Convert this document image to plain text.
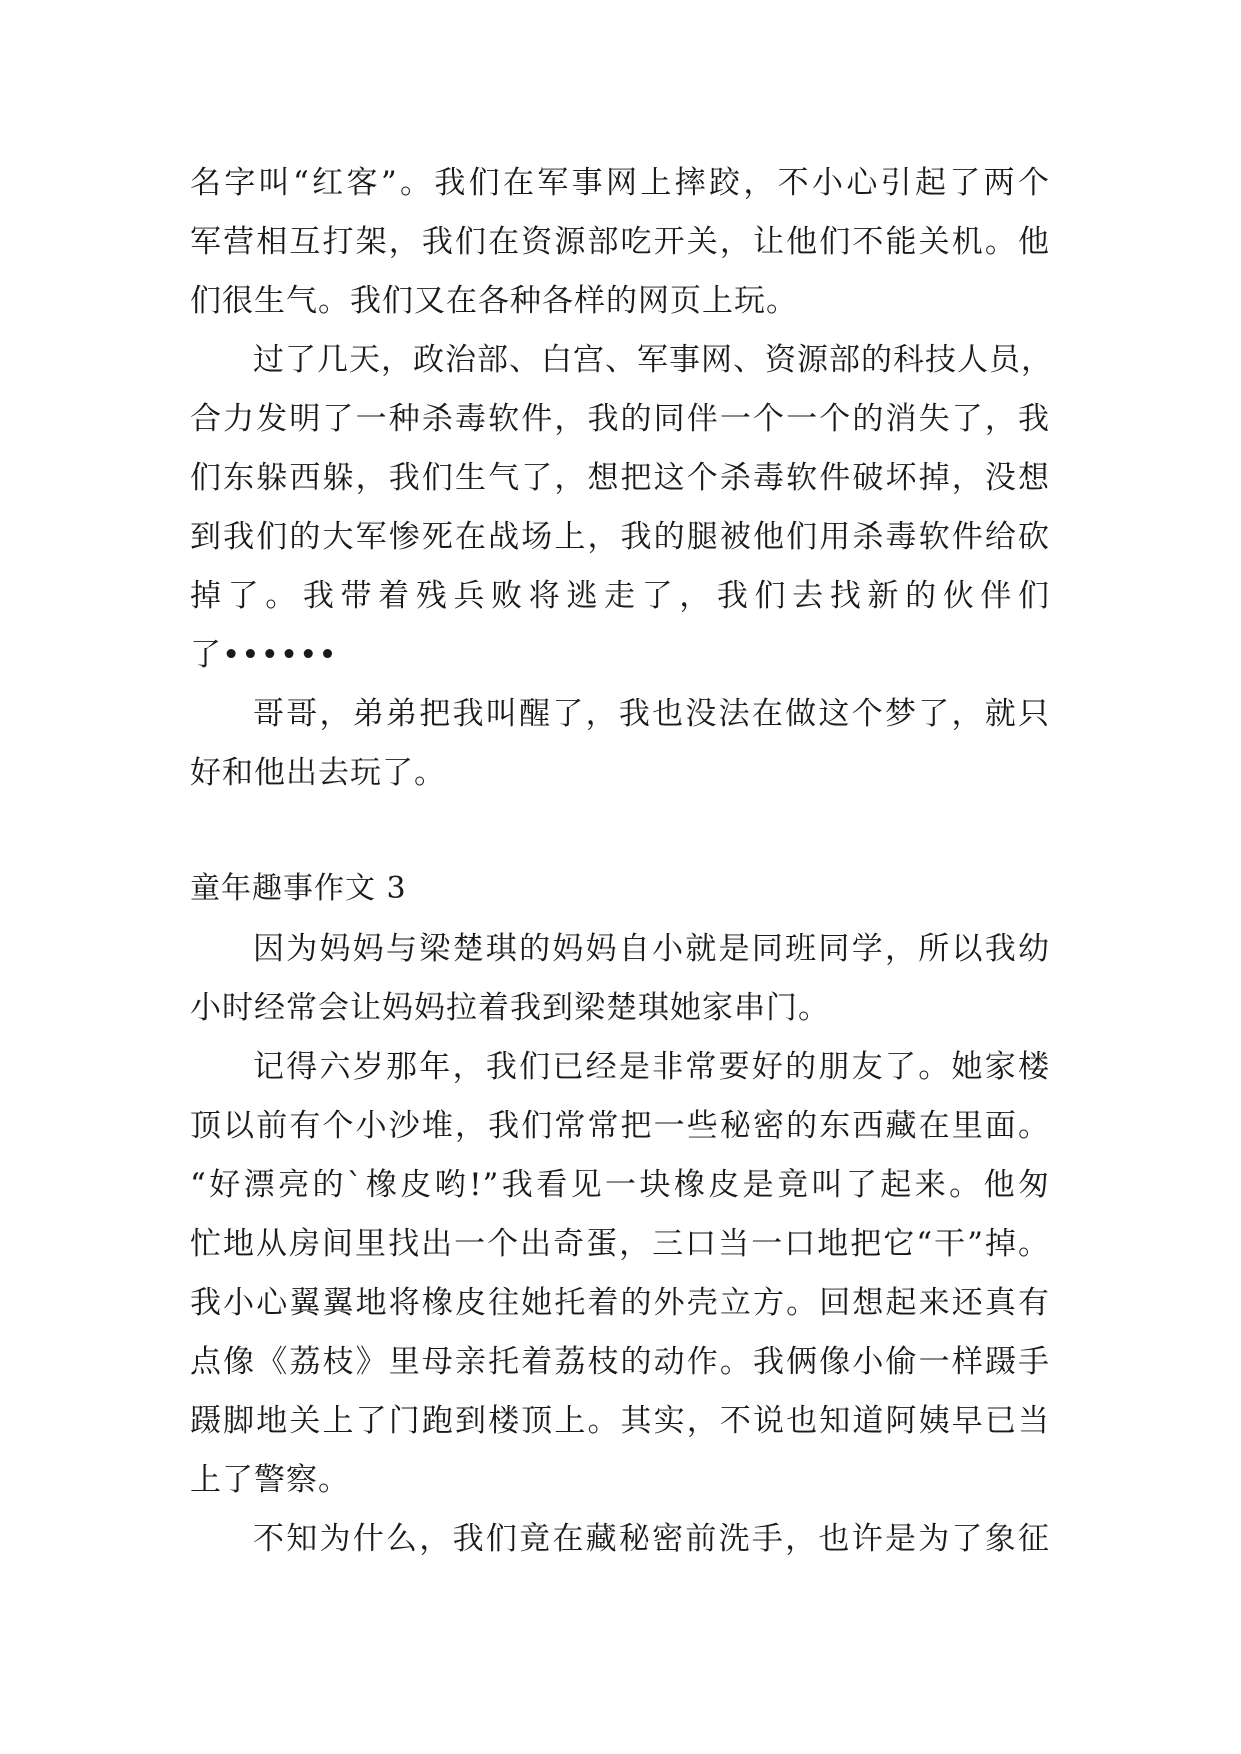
名字叫“红客”。我们在军事网上摔跤，不小心引起了两个
军营相互打架，我们在资源部吃开关，让他们不能关机。他
们很生气。我们又在各种各样的网页上玩。
过了几天，政治部、白宫、军事网、资源部的科技人员，
合力发明了一种杀毒软件，我的同伴一个一个的消失了，我
们东躲西躲，我们生气了，想把这个杀毒软件破坏掉，没想
到我们的大军惨死在战场上，我的腿被他们用杀毒软件给砍
掉了。我带着残兵败将逃走了，我们去找新的伙伴们
了••••••
哥哥，弟弟把我叫醒了，我也没法在做这个梦了，就只
好和他出去玩了。
童年趣事作文 3
因为妈妈与梁楚琪的妈妈自小就是同班同学，所以我幼
小时经常会让妈妈拉着我到梁楚琪她家串门。
记得六岁那年，我们已经是非常要好的朋友了。她家楼
顶以前有个小沙堆，我们常常把一些秘密的东西藏在里面。
“好漂亮的`橡皮哟!”我看见一块橡皮是竟叫了起来。他匆
忙地从房间里找出一个出奇蛋，三口当一口地把它“干”掉。
我小心翼翼地将橡皮往她托着的外壳立方。回想起来还真有
点像《荔枝》里母亲托着荔枝的动作。我俩像小偷一样蹑手
蹑脚地关上了门跑到楼顶上。其实，不说也知道阿姨早已当
上了警察。
不知为什么，我们竟在藏秘密前洗手，也许是为了象征
